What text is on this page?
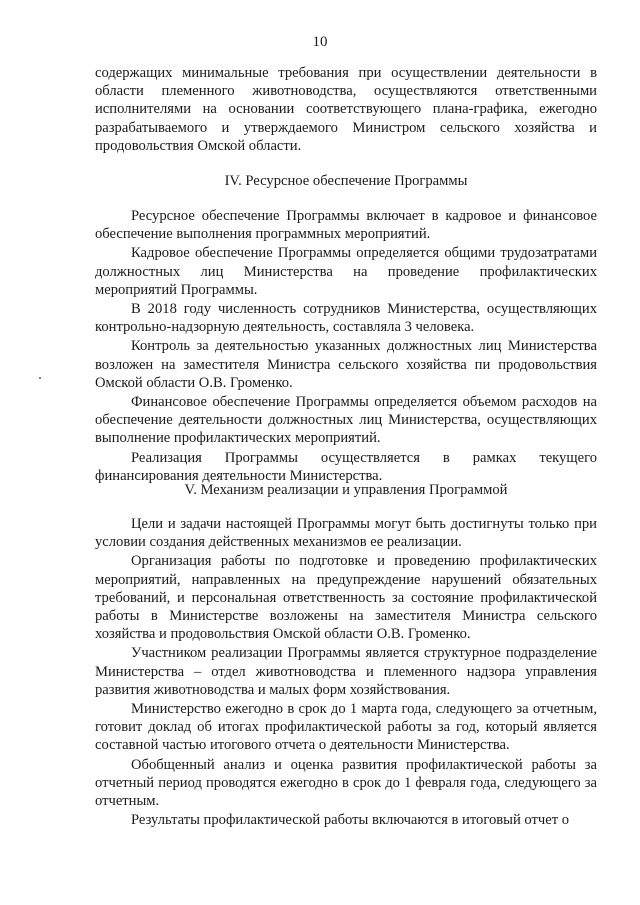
10

содержащих минимальные требования при осуществлении деятельности в области племенного животноводства, осуществляются ответственными исполнителями на основании соответствующего плана-графика, ежегодно разрабатываемого и утверждаемого Министром сельского хозяйства и продовольствия Омской области.

IV. Ресурсное обеспечение Программы

Ресурсное обеспечение Программы включает в кадровое и финансовое обеспечение выполнения программных мероприятий.

Кадровое обеспечение Программы определяется общими трудозатратами должностных лиц Министерства на проведение профилактических мероприятий Программы.

В 2018 году численность сотрудников Министерства, осуществляющих контрольно-надзорную деятельность, составляла 3 человека.

Контроль за деятельностью указанных должностных лиц Министерства возложен на заместителя Министра сельского хозяйства пи продовольствия Омской области О.В. Громенко.

Финансовое обеспечение Программы определяется объемом расходов на обеспечение деятельности должностных лиц Министерства, осуществляющих выполнение профилактических мероприятий.

Реализация Программы осуществляется в рамках текущего финансирования деятельности Министерства.

V. Механизм реализации и управления Программой

Цели и задачи настоящей Программы могут быть достигнуты только при условии создания действенных механизмов ее реализации.

Организация работы по подготовке и проведению профилактических мероприятий, направленных на предупреждение нарушений обязательных требований, и персональная ответственность за состояние профилактической работы в Министерстве возложены на заместителя Министра сельского хозяйства и продовольствия Омской области О.В. Громенко.

Участником реализации Программы является структурное подразделение Министерства – отдел животноводства и племенного надзора управления развития животноводства и малых форм хозяйствования.

Министерство ежегодно в срок до 1 марта года, следующего за отчетным, готовит доклад об итогах профилактической работы за год, который является составной частью итогового отчета о деятельности Министерства.

Обобщенный анализ и оценка развития профилактической работы за отчетный период проводятся ежегодно в срок до 1 февраля года, следующего за отчетным.

Результаты профилактической работы включаются в итоговый отчет о
